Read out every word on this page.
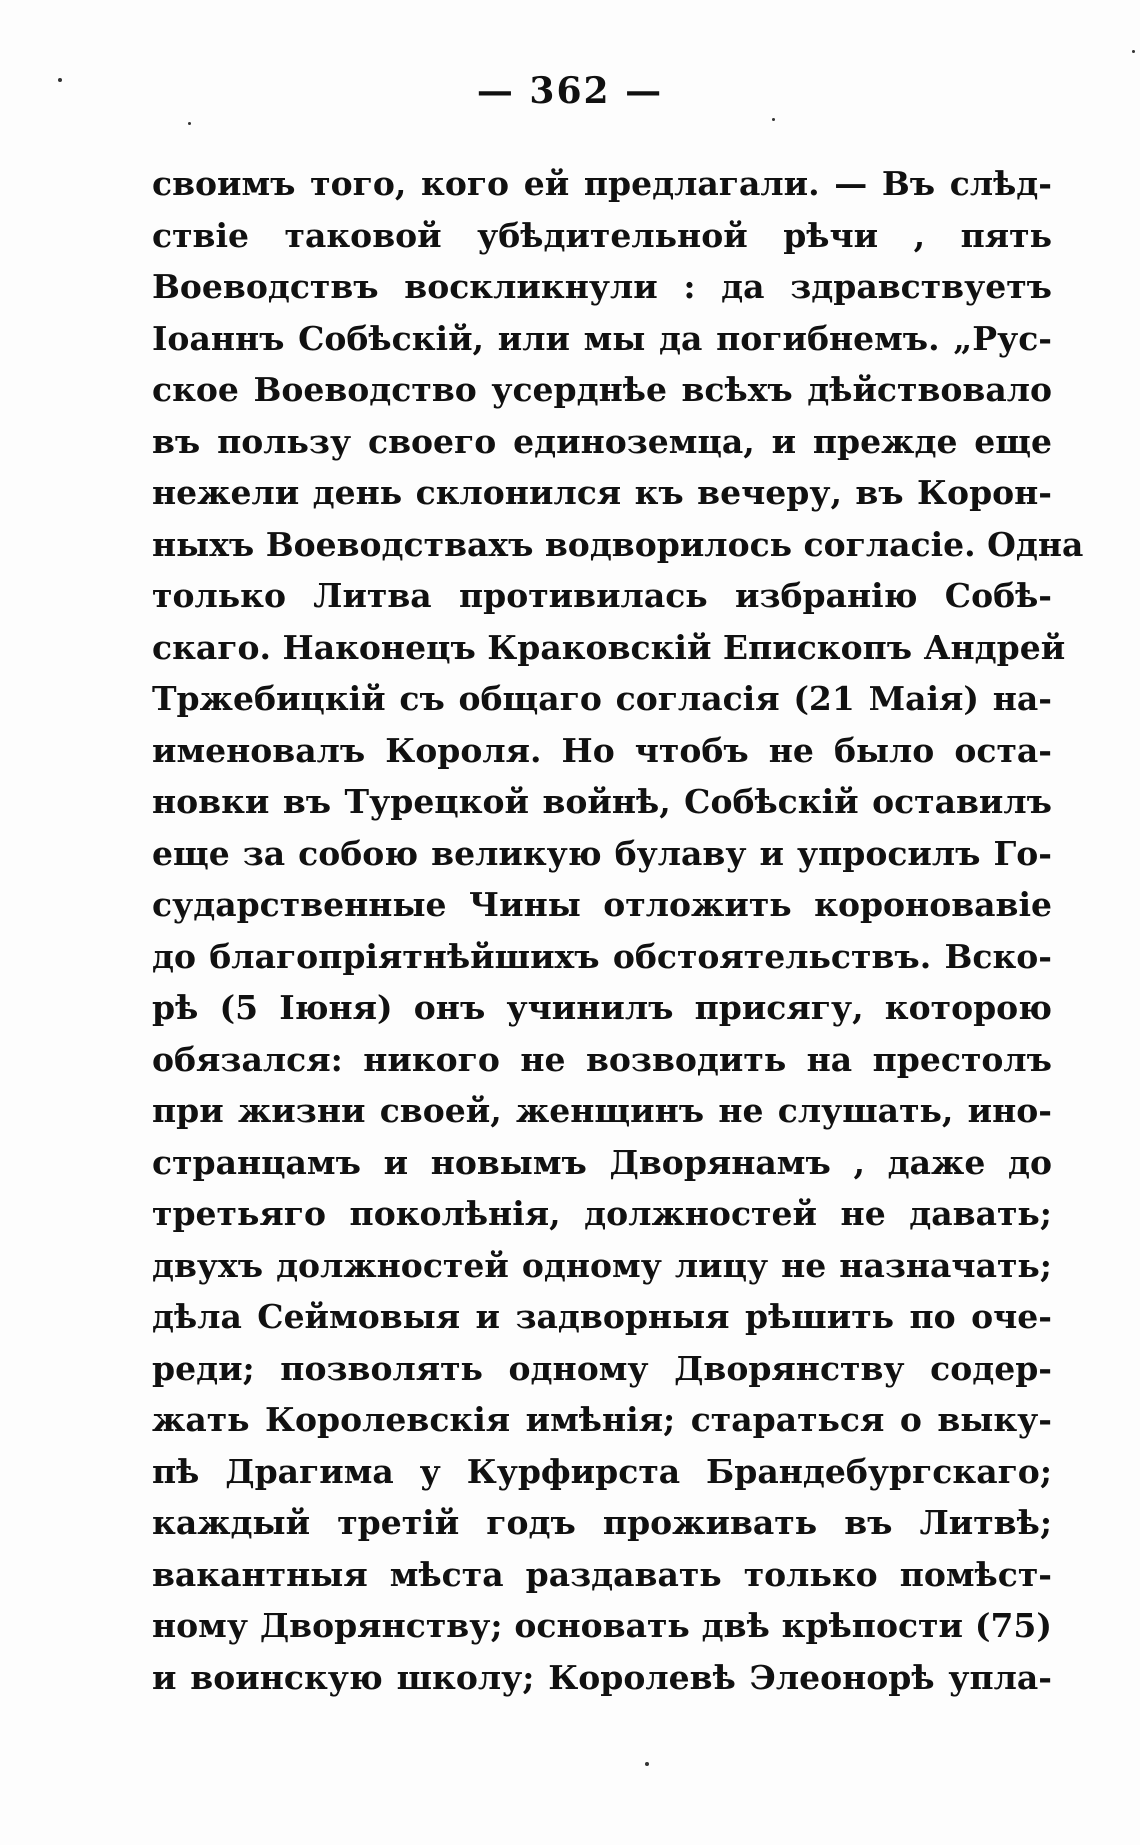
— 362 —
своимъ того, кого ей предлагали. — Въ слѣд-
ствіе таковой убѣдительной рѣчи , пять
Воеводствъ воскликнули : да здравствуетъ
Іоаннъ Собѣскій, или мы да погибнемъ. „Рус-
ское Воеводство усерднѣе всѣхъ дѣйствовало
въ пользу своего единоземца, и прежде еще
нежели день склонился къ вечеру, въ Корон-
ныхъ Воеводствахъ водворилось согласіе. Одна
только Литва противилась избранію Собѣ-
скаго. Наконецъ Краковскій Епископъ Андрей
Тржебицкій съ общаго согласія (21 Маія) на-
именовалъ Короля. Но чтобъ не было оста-
новки въ Турецкой войнѣ, Собѣскій оставилъ
еще за собою великую булаву и упросилъ Го-
сударственные Чины отложить короновавіе
до благопріятнѣйшихъ обстоятельствъ. Вско-
рѣ (5 Іюня) онъ учинилъ присягу, которою
обязался: никого не возводить на престолъ
при жизни своей, женщинъ не слушать, ино-
странцамъ и новымъ Дворянамъ , даже до
третьяго поколѣнія, должностей не давать;
двухъ должностей одному лицу не назначать;
дѣла Сеймовыя и задворныя рѣшить по оче-
реди; позволять одному Дворянству содер-
жать Королевскія имѣнія; стараться о выку-
пѣ Драгима у Курфирста Брандебургскаго;
каждый третій годъ проживать въ Литвѣ;
вакантныя мѣста раздавать только помѣст-
ному Дворянству; основать двѣ крѣпости (75)
и воинскую школу; Королевѣ Элеонорѣ упла-
